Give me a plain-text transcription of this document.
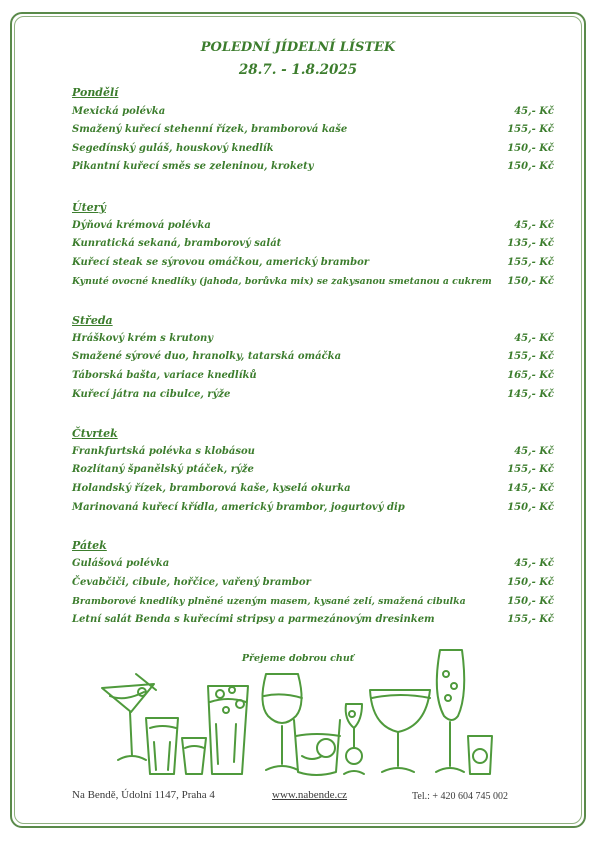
POLEDNÍ JÍDELNÍ LÍSTEK
28.7. - 1.8.2025
Pondělí
Mexická polévka	45,- Kč
Smažený kuřecí stehenní řízek, bramborová kaše	155,- Kč
Segedínský guláš, houskový knedlík	150,- Kč
Pikantní kuřecí směs se zeleninou, krokety	150,- Kč
Úterý
Dýňová krémová polévka	45,- Kč
Kunratická sekaná, bramborový salát	135,- Kč
Kuřecí steak se sýrovou omáčkou, americký brambor	155,- Kč
Kynuté ovocné knedlíky (jahoda, borůvka mix) se zakysanou smetanou a cukrem 150,- Kč
Středa
Hráškový krém s krutony	45,- Kč
Smažené sýrové duo, hranolky, tatarská omáčka	155,- Kč
Táborská bašta, variace knedlíků	165,- Kč
Kuřecí játra na cibulce, rýže	145,- Kč
Čtvrtek
Frankfurtská polévka s klobásou	45,- Kč
Rozlítaný španělský ptáček, rýže	155,- Kč
Holandský řízek, bramborová kaše, kyselá okurka	145,- Kč
Marinovaná kuřecí křídla, americký brambor, jogurtový dip	150,- Kč
Pátek
Gulášová polévka	45,- Kč
Čevabčiči, cibule, hořčice, vařený brambor	150,- Kč
Bramborové knedlíky plněné uzeným masem, kysané zelí, smažená cibulka	150,- Kč
Letní salát Benda s kuřecími stripsy a parmezánovým dresinkem	155,- Kč
Přejeme dobrou chuť
Na Bendě, Údolní 1147, Praha 4	www.nabende.cz	Tel.: + 420 604 745 002
